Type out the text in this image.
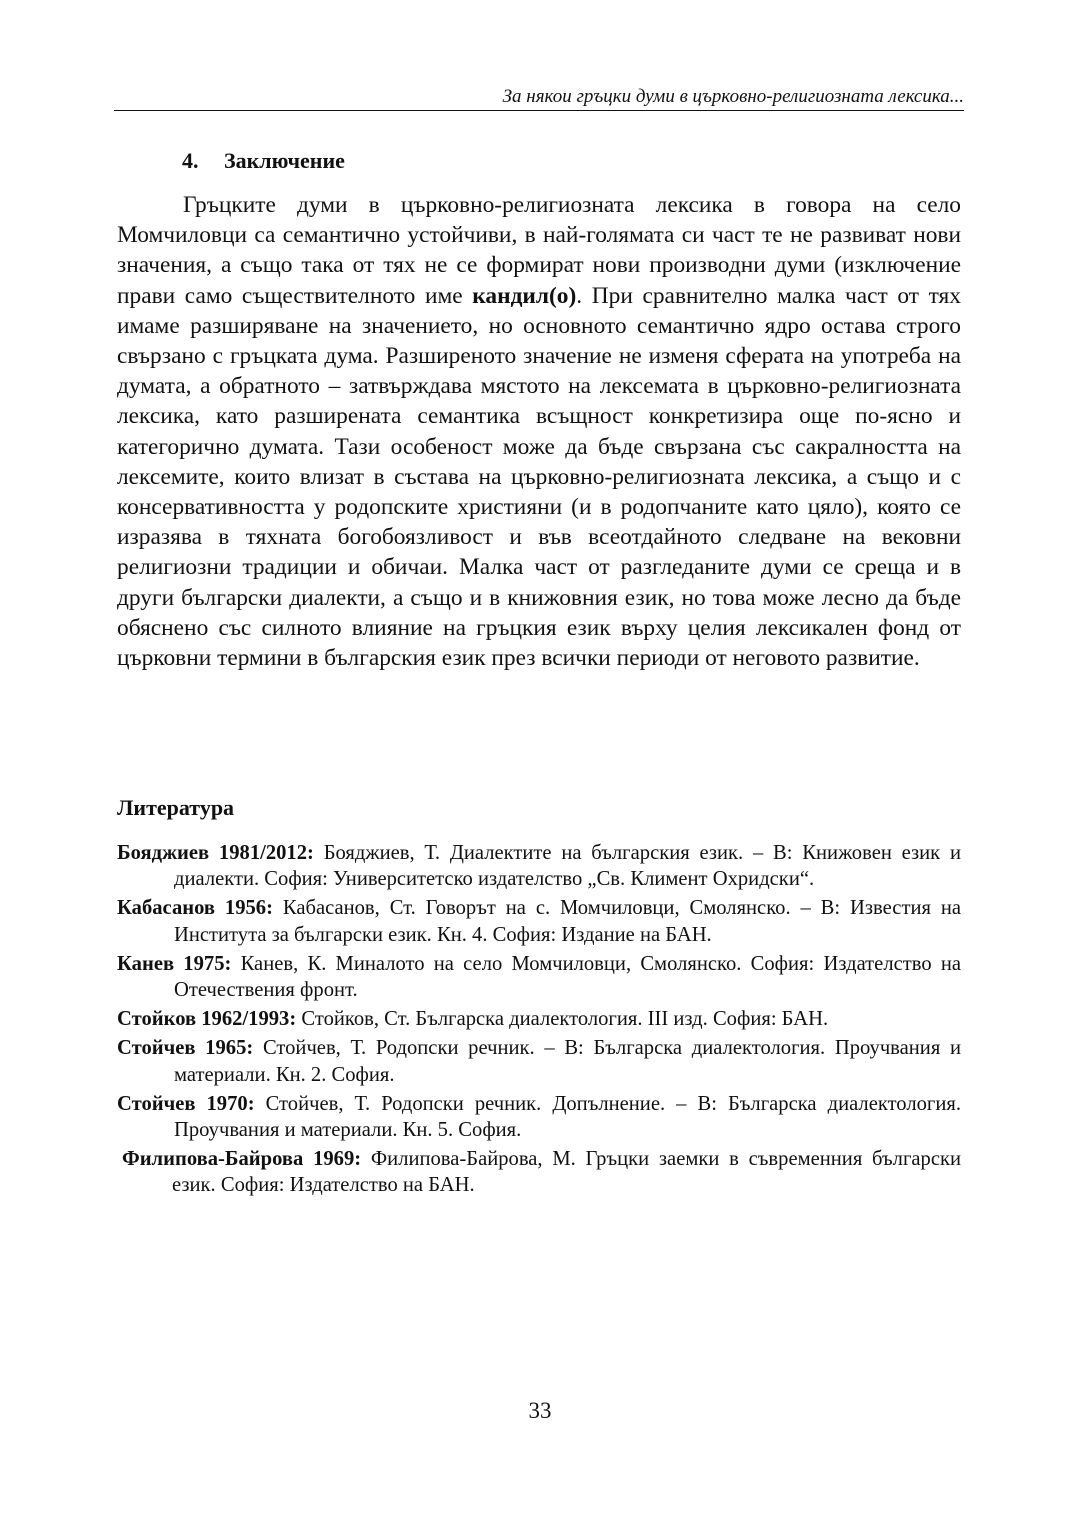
За някои гръцки думи в църковно-религиозната лексика...
4. Заключение

Гръцките думи в църковно-религиозната лексика в говора на село Момчиловци са семантично устойчиви, в най-голямата си част те не развиват нови значения, а също така от тях не се формират нови производни думи (изключение прави само съществителното име кандил(о). При сравнително малка част от тях имаме разширяване на значението, но основното семантично ядро остава строго свързано с гръцката дума. Разширеното значение не изменя сферата на употреба на думата, а обратното – затвърждава мястото на лексемата в църковно-религиозната лексика, като разширената семантика всъщност конкретизира още по-ясно и категорично думата. Тази особеност може да бъде свързана със сакралността на лексемите, които влизат в състава на църковно-религиозната лексика, а също и с консервативността у родопските християни (и в родопчаните като цяло), която се изразява в тяхната богобоязливост и във всеотдайното следване на вековни религиозни традиции и обичаи. Малка част от разгледаните думи се среща и в други български диалекти, а също и в книжовния език, но това може лесно да бъде обяснено със силното влияние на гръцкия език върху целия лексикален фонд от църковни термини в българския език през всички периоди от неговото развитие.

Литература
Бояджиев 1981/2012: Бояджиев, Т. Диалектите на българския език. – В: Книжовен език и диалекти. София: Университетско издателство „Св. Климент Охридски“.
Кабасанов 1956: Кабасанов, Ст. Говорът на с. Момчиловци, Смолянско. – В: Известия на Института за български език. Кн. 4. София: Издание на БАН.
Канев 1975: Канев, К. Миналото на село Момчиловци, Смолянско. София: Издателство на Отечествения фронт.
Стойков 1962/1993: Стойков, Ст. Българска диалектология. III изд. София: БАН.
Стойчев 1965: Стойчев, Т. Родопски речник. – В: Българска диалектология. Проучвания и материали. Кн. 2. София.
Стойчев 1970: Стойчев, Т. Родопски речник. Допълнение. – В: Българска диалектология. Проучвания и материали. Кн. 5. София.
Филипова-Байрова 1969: Филипова-Байрова, М. Гръцки заемки в съвременния български език. София: Издателство на БАН.
33
